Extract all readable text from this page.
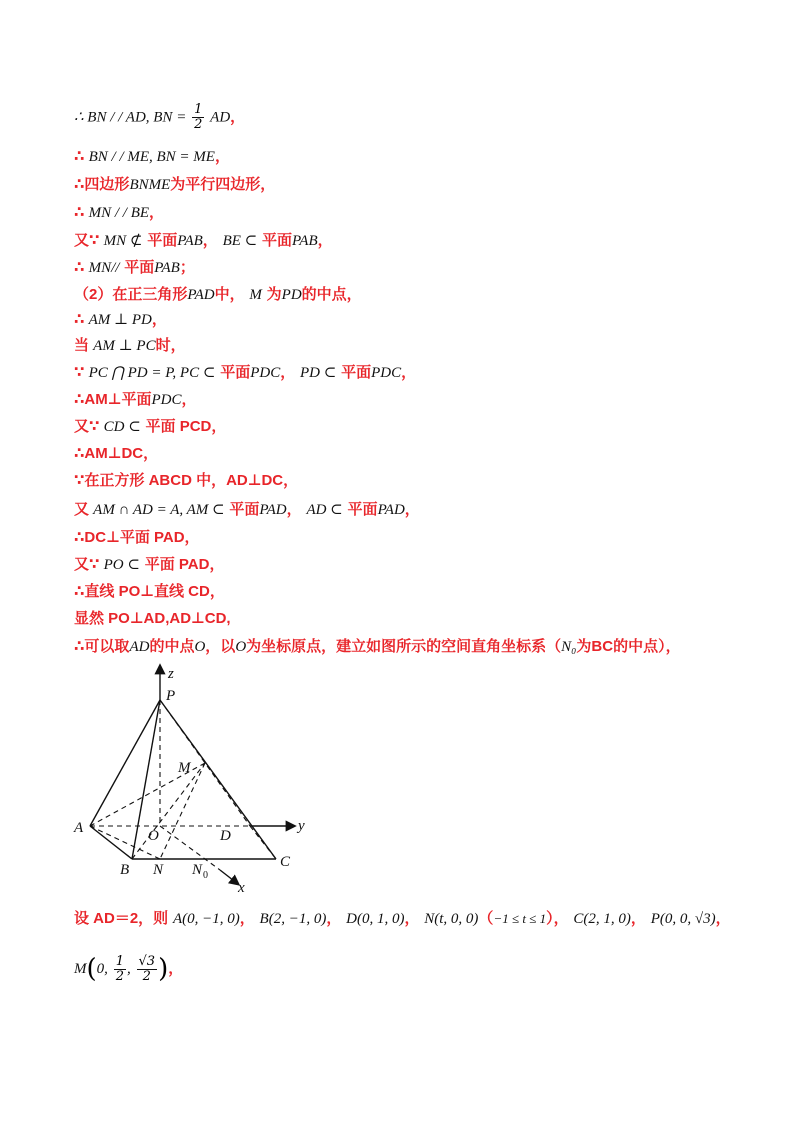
∴ BN / / AD, BN = $\frac{1}{2}$ AD，
∴ BN / / ME, BN = ME，
∴四边形BNME为平行四边形，
∴ MN / / BE，
又∵ MN ⊄ 平面PAB， BE ⊂ 平面PAB，
∴ MN// 平面PAB；
（2）在正三角形PAD中， M 为PD的中点，
∴ AM ⊥ PD，
当 AM ⊥ PC时，
∵ PC ⋂ PD = P, PC ⊂ 平面PDC， PD ⊂ 平面PDC，
∴AM⊥平面PDC，
又∵ CD ⊂ 平面 PCD，
∴AM⊥DC，
∵在正方形 ABCD 中，AD⊥DC，
又 AM ∩ AD = A, AM ⊂ 平面PAD， AD ⊂ 平面PAD，
∴DC⊥平面 PAD，
又∵ PO ⊂ 平面 PAD，
∴直线 PO⊥直线 CD，
显然 PO⊥AD,AD⊥CD,
∴可以取AD的中点O，以O为坐标原点，建立如图所示的空间直角坐标系（N₀为BC的中点），
z
P
M
A	O	D
y
B N N 0
C
x
设 AD＝2，则 A(0, −1, 0)， B(2, −1, 0)， D(0, 1, 0)， N(t, 0, 0)（−1 ≤ t ≤ 1）， C(2, 1, 0)， P(0, 0, √3)，
M(0, $\frac{1}{2}$ , $\frac{√3}{2}$ )，
